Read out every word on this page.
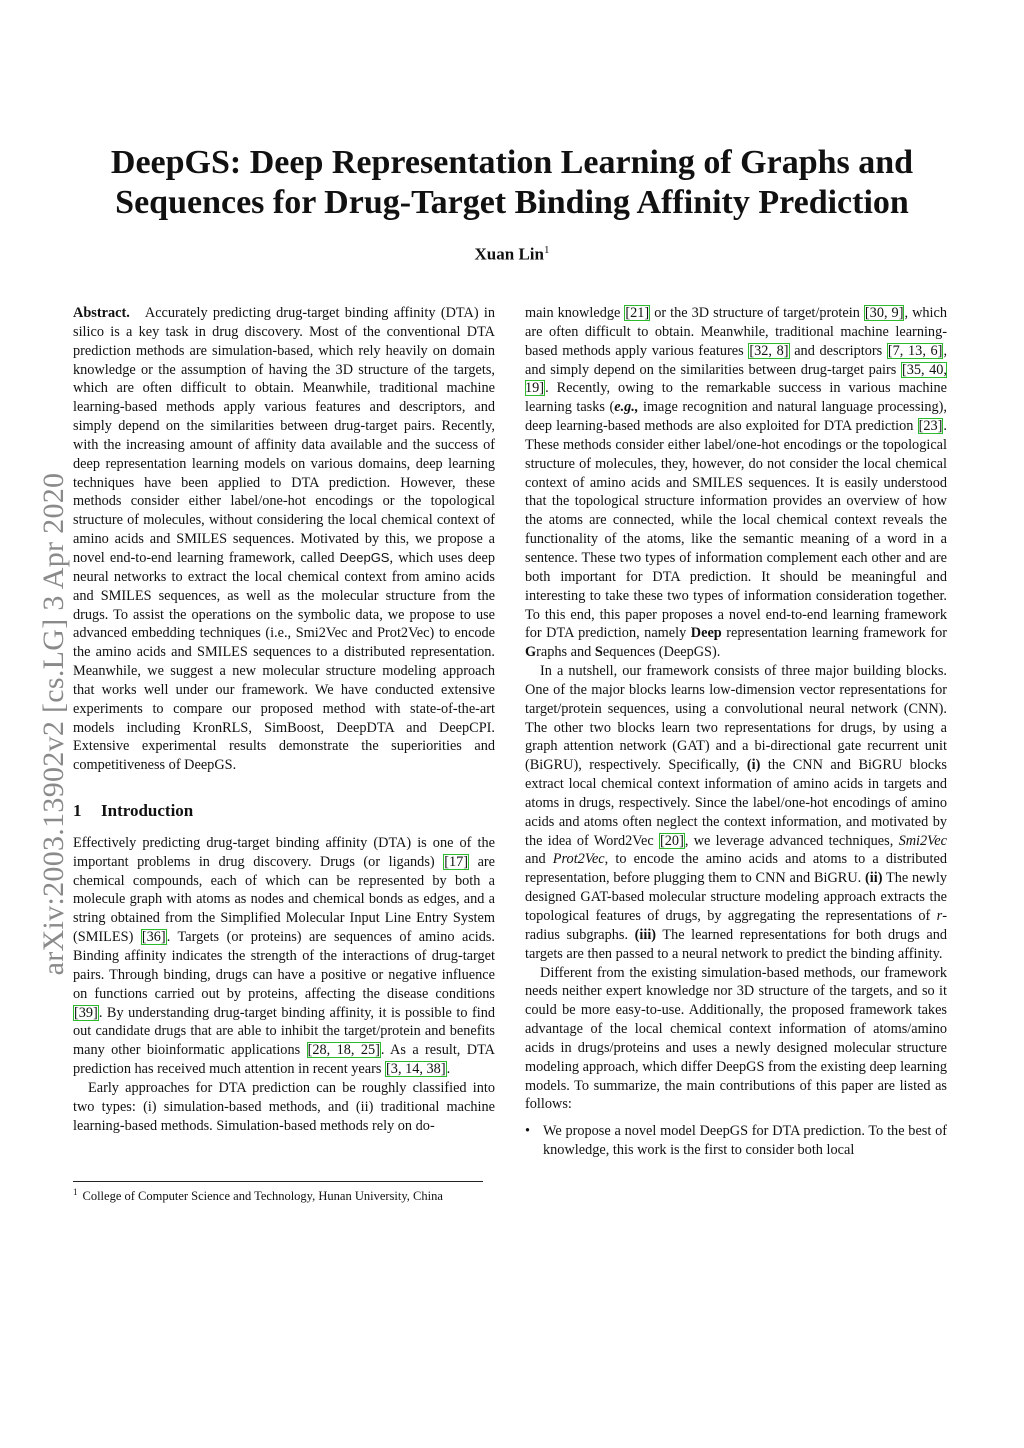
arXiv:2003.13902v2 [cs.LG] 3 Apr 2020
DeepGS: Deep Representation Learning of Graphs and
Sequences for Drug-Target Binding Affinity Prediction
Xuan Lin$^1$

Abstract. Accurately predicting drug-target binding affinity (DTA) in silico is a key task in drug discovery. Most of the conventional DTA prediction methods are simulation-based, which rely heavily on domain knowledge or the assumption of having the 3D structure of the targets, which are often difficult to obtain. Meanwhile, traditional machine learning-based methods apply various features and descriptors, and simply depend on the similarities between drug-target pairs. Recently, with the increasing amount of affinity data available and the success of deep representation learning models on various domains, deep learning techniques have been applied to DTA prediction. However, these methods consider either label/one-hot encodings or the topological structure of molecules, without considering the local chemical context of amino acids and SMILES sequences. Motivated by this, we propose a novel end-to-end learning framework, called DeepGS, which uses deep neural networks to extract the local chemical context from amino acids and SMILES sequences, as well as the molecular structure from the drugs. To assist the operations on the symbolic data, we propose to use advanced embedding techniques (i.e., Smi2Vec and Prot2Vec) to encode the amino acids and SMILES sequences to a distributed representation. Meanwhile, we suggest a new molecular structure modeling approach that works well under our framework. We have conducted extensive experiments to compare our proposed method with state-of-the-art models including KronRLS, SimBoost, DeepDTA and DeepCPI. Extensive experimental results demonstrate the superiorities and competitiveness of DeepGS.

1 Introduction

Effectively predicting drug-target binding affinity (DTA) is one of the important problems in drug discovery. Drugs (or ligands) [17] are chemical compounds, each of which can be represented by both a molecule graph with atoms as nodes and chemical bonds as edges, and a string obtained from the Simplified Molecular Input Line Entry System (SMILES) [36]. Targets (or proteins) are sequences of amino acids. Binding affinity indicates the strength of the interactions of drug-target pairs. Through binding, drugs can have a positive or negative influence on functions carried out by proteins, affecting the disease conditions [39]. By understanding drug-target binding affinity, it is possible to find out candidate drugs that are able to inhibit the target/protein and benefits many other bioinformatic applications [28, 18, 25]. As a result, DTA prediction has received much attention in recent years [3, 14, 38].

Early approaches for DTA prediction can be roughly classified into two types: (i) simulation-based methods, and (ii) traditional machine learning-based methods. Simulation-based methods rely on do-

$^1$ College of Computer Science and Technology, Hunan University, China

main knowledge [21] or the 3D structure of target/protein [30, 9], which are often difficult to obtain. Meanwhile, traditional machine learning-based methods apply various features [32, 8] and descriptors [7, 13, 6], and simply depend on the similarities between drug-target pairs [35, 40, 19]. Recently, owing to the remarkable success in various machine learning tasks (e.g., image recognition and natural language processing), deep learning-based methods are also exploited for DTA prediction [23]. These methods consider either label/one-hot encodings or the topological structure of molecules, they, however, do not consider the local chemical context of amino acids and SMILES sequences. It is easily understood that the topological structure information provides an overview of how the atoms are connected, while the local chemical context reveals the functionality of the atoms, like the semantic meaning of a word in a sentence. These two types of information complement each other and are both important for DTA prediction. It should be meaningful and interesting to take these two types of information consideration together. To this end, this paper proposes a novel end-to-end learning framework for DTA prediction, namely Deep representation learning framework for Graphs and Sequences (DeepGS).

In a nutshell, our framework consists of three major building blocks. One of the major blocks learns low-dimension vector representations for target/protein sequences, using a convolutional neural network (CNN). The other two blocks learn two representations for drugs, by using a graph attention network (GAT) and a bi-directional gate recurrent unit (BiGRU), respectively. Specifically, (i) the CNN and BiGRU blocks extract local chemical context information of amino acids in targets and atoms in drugs, respectively. Since the label/one-hot encodings of amino acids and atoms often neglect the context information, and motivated by the idea of Word2Vec [20], we leverage advanced techniques, Smi2Vec and Prot2Vec, to encode the amino acids and atoms to a distributed representation, before plugging them to CNN and BiGRU. (ii) The newly designed GAT-based molecular structure modeling approach extracts the topological features of drugs, by aggregating the representations of r-radius subgraphs. (iii) The learned representations for both drugs and targets are then passed to a neural network to predict the binding affinity.

Different from the existing simulation-based methods, our framework needs neither expert knowledge nor 3D structure of the targets, and so it could be more easy-to-use. Additionally, the proposed framework takes advantage of the local chemical context information of atoms/amino acids in drugs/proteins and uses a newly designed molecular structure modeling approach, which differ DeepGS from the existing deep learning models. To summarize, the main contributions of this paper are listed as follows:

• We propose a novel model DeepGS for DTA prediction. To the best of knowledge, this work is the first to consider both local
